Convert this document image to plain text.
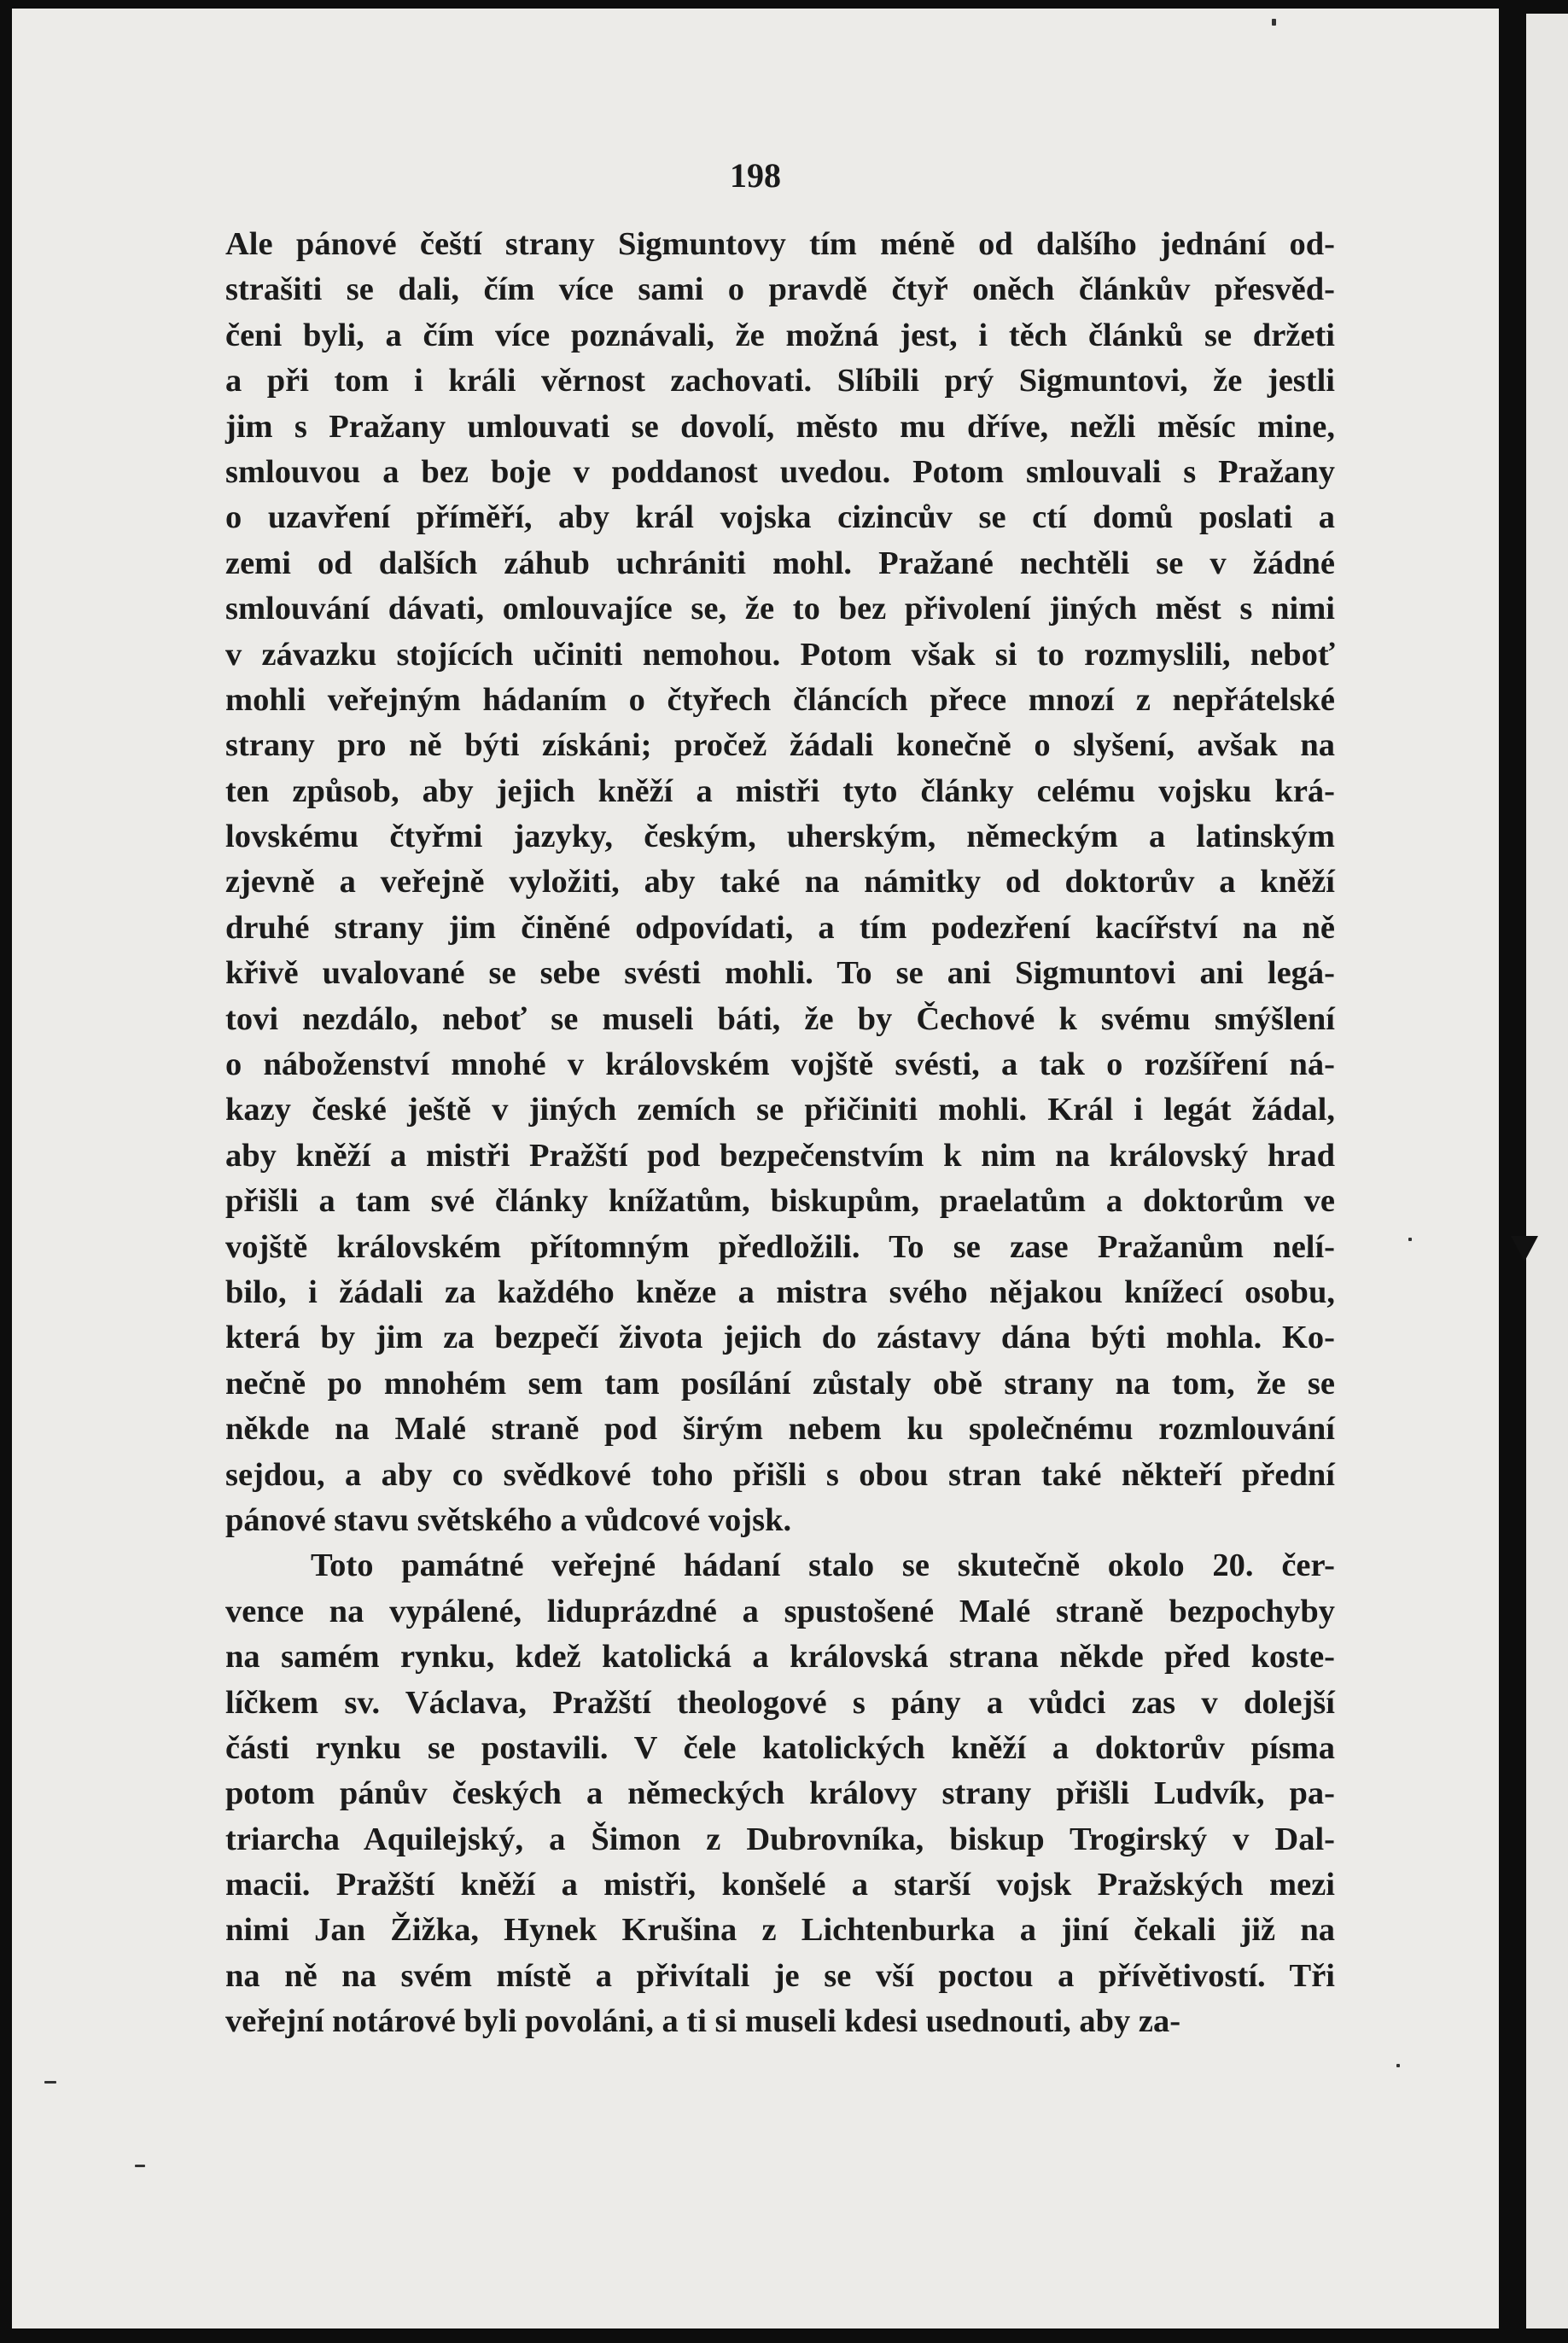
198
Ale pánové čeští strany Sigmuntovy tím méně od dalšího jednání od-
strašiti se dali, čím více sami o pravdě čtyř oněch článkův přesvěd-
čeni byli, a čím více poznávali, že možná jest, i těch článků se držeti
a při tom i králi věrnost zachovati. Slíbili prý Sigmuntovi, že jestli
jim s Pražany umlouvati se dovolí, město mu dříve, nežli měsíc mine,
smlouvou a bez boje v poddanost uvedou. Potom smlouvali s Pražany
o uzavření příměří, aby král vojska cizincův se ctí domů poslati a
zemi od dalších záhub uchrániti mohl. Pražané nechtěli se v žádné
smlouvání dávati, omlouvajíce se, že to bez přivolení jiných měst s nimi
v závazku stojících učiniti nemohou. Potom však si to rozmyslili, neboť
mohli veřejným hádaním o čtyřech článcích přece mnozí z nepřátelské
strany pro ně býti získáni; pročež žádali konečně o slyšení, avšak na
ten způsob, aby jejich kněží a mistři tyto články celému vojsku krá-
lovskému čtyřmi jazyky, českým, uherským, německým a latinským
zjevně a veřejně vyložiti, aby také na námitky od doktorův a kněží
druhé strany jim činěné odpovídati, a tím podezření kacířství na ně
křivě uvalované se sebe svésti mohli. To se ani Sigmuntovi ani legá-
tovi nezdálo, neboť se museli báti, že by Čechové k svému smýšlení
o náboženství mnohé v královském vojště svésti, a tak o rozšíření ná-
kazy české ještě v jiných zemích se přičiniti mohli. Král i legát žádal,
aby kněží a mistři Pražští pod bezpečenstvím k nim na královský hrad
přišli a tam své články knížatům, biskupům, praelatům a doktorům ve
vojště královském přítomným předložili. To se zase Pražanům nelí-
bilo, i žádali za každého kněze a mistra svého nějakou knížecí osobu,
která by jim za bezpečí života jejich do zástavy dána býti mohla. Ko-
nečně po mnohém sem tam posílání zůstaly obě strany na tom, že se
někde na Malé straně pod širým nebem ku společnému rozmlouvání
sejdou, a aby co svědkové toho přišli s obou stran také někteří přední
pánové stavu světského a vůdcové vojsk.
Toto památné veřejné hádaní stalo se skutečně okolo 20. čer-
vence na vypálené, liduprázdné a spustošené Malé straně bezpochyby
na samém rynku, kdež katolická a královská strana někde před koste-
líčkem sv. Václava, Pražští theologové s pány a vůdci zas v dolejší
části rynku se postavili. V čele katolických kněží a doktorův písma
potom pánův českých a německých královy strany přišli Ludvík, pa-
triarcha Aquilejský, a Šimon z Dubrovníka, biskup Trogirský v Dal-
macii. Pražští kněží a mistři, konšelé a starší vojsk Pražských mezi
nimi Jan Žižka, Hynek Krušina z Lichtenburka a jiní čekali již na
na ně na svém místě a přivítali je se vší poctou a přívětivostí. Tři
veřejní notárové byli povoláni, a ti si museli kdesi usednouti, aby za-
